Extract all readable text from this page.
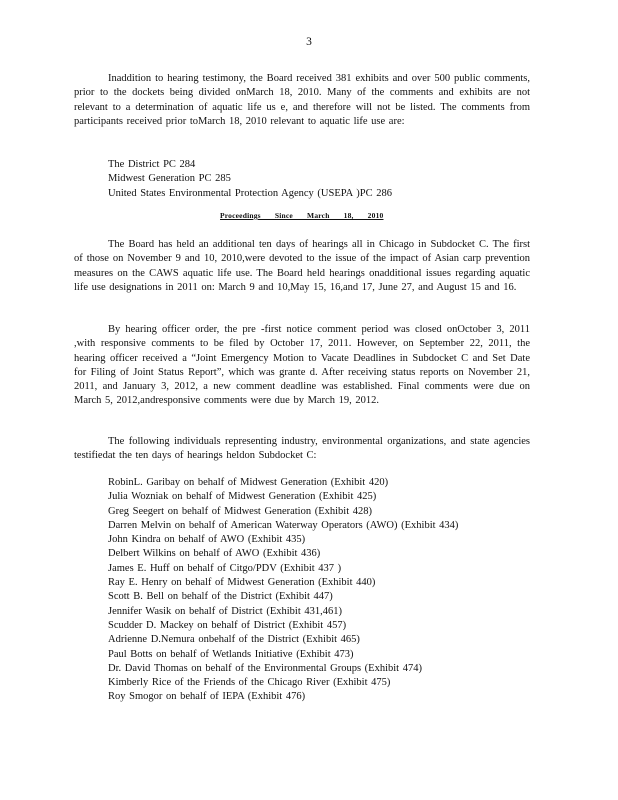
3

Inaddition to hearing testimony, the Board received 381 exhibits and over 500 public comments, prior to the dockets being divided onMarch 18, 2010. Many of the comments and exhibits are not relevant to a determination of aquatic life us e, and therefore will not be listed. The comments from participants received prior toMarch 18, 2010 relevant to aquatic life use are:

The District PC 284
Midwest Generation PC 285
United States Environmental Protection Agency (USEPA )PC 286
Proceedings Since March 18, 2010

The Board has held an additional ten days of hearings all in Chicago in Subdocket C. The first of those on November 9 and 10, 2010,were devoted to the issue of the impact of Asian carp prevention measures on the CAWS aquatic life use. The Board held hearings onadditional issues regarding aquatic life use designations in 2011 on: March 9 and 10,May 15, 16,and 17, June 27, and August 15 and 16.

By hearing officer order, the pre -first notice comment period was closed onOctober 3, 2011 ,with responsive comments to be filed by October 17, 2011. However, on September 22, 2011, the hearing officer received a “Joint Emergency Motion to Vacate Deadlines in Subdocket C and Set Date for Filing of Joint Status Report”, which was grante d. After receiving status reports on November 21, 2011, and January 3, 2012, a new comment deadline was established. Final comments were due on March 5, 2012,andresponsive comments were due by March 19, 2012.

The following individuals representing industry, environmental organizations, and state agencies testifiedat the ten days of hearings heldon Subdocket C:

RobinL. Garibay on behalf of Midwest Generation (Exhibit 420)
Julia Wozniak on behalf of Midwest Generation (Exhibit 425)
Greg Seegert on behalf of Midwest Generation (Exhibit 428)
Darren Melvin on behalf of American Waterway Operators (AWO) (Exhibit 434)
John Kindra on behalf of AWO (Exhibit 435)
Delbert Wilkins on behalf of AWO (Exhibit 436)
James E. Huff on behalf of Citgo/PDV (Exhibit 437 )
Ray E. Henry on behalf of Midwest Generation (Exhibit 440)
Scott B. Bell on behalf of the District (Exhibit 447)
Jennifer Wasik on behalf of District (Exhibit 431,461)
Scudder D. Mackey on behalf of District (Exhibit 457)
Adrienne D.Nemura onbehalf of the District (Exhibit 465)
Paul Botts on behalf of Wetlands Initiative (Exhibit 473)
Dr. David Thomas on behalf of the Environmental Groups (Exhibit 474)
Kimberly Rice of the Friends of the Chicago River (Exhibit 475)
Roy Smogor on behalf of IEPA (Exhibit 476)
